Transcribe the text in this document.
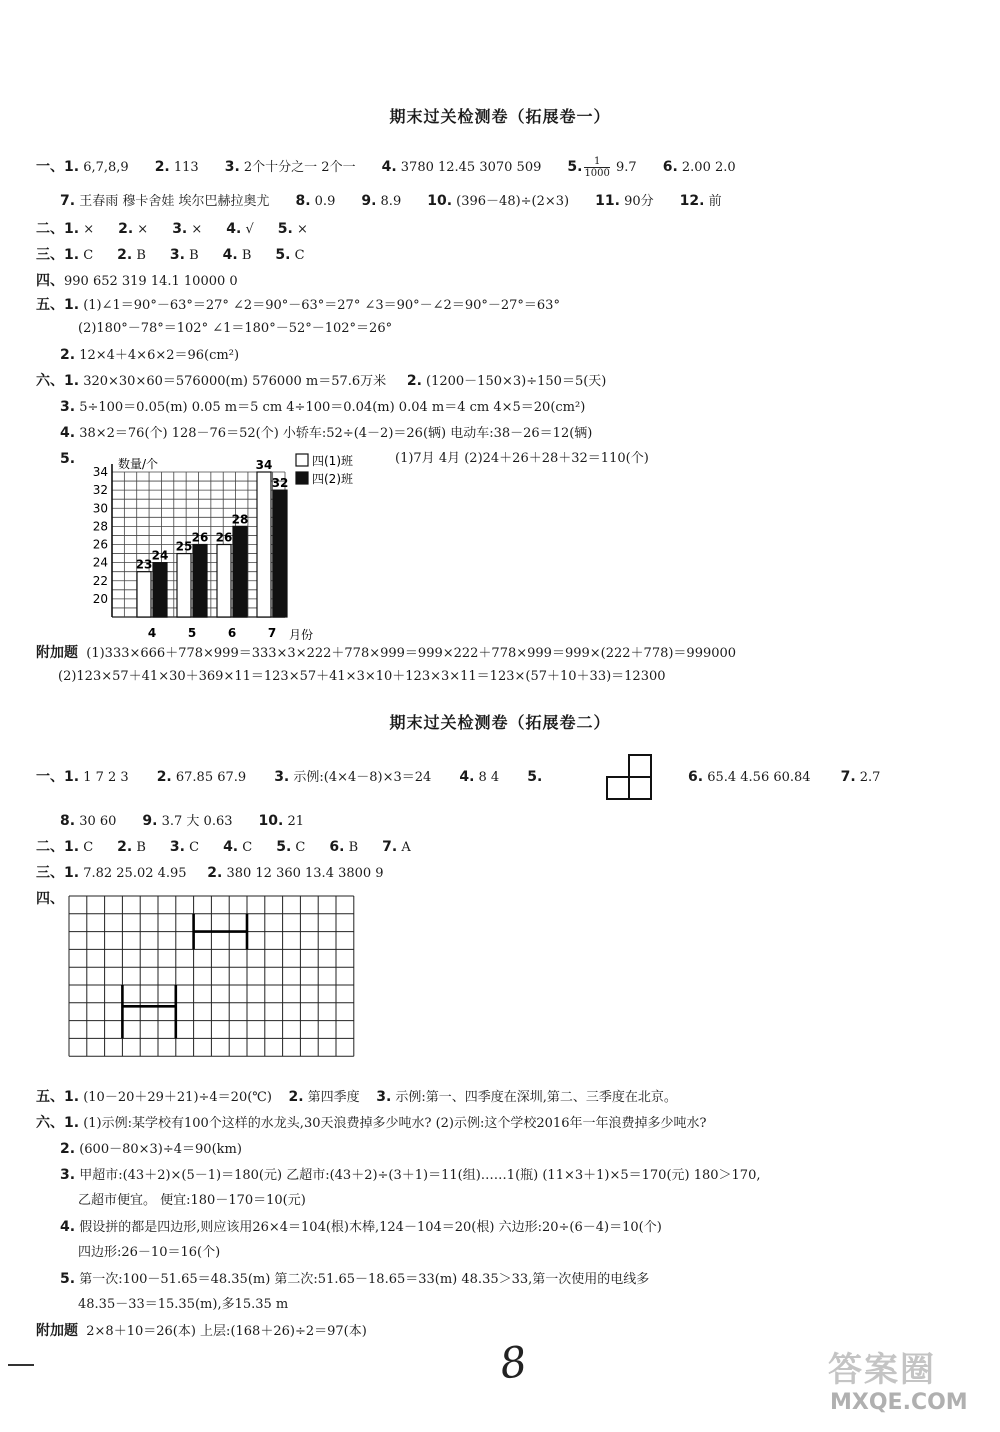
期末过关检测卷（拓展卷一）
一、1. 6,7,8,9 2. 113 3. 2个十分之一 2个一 4. 3780 12.45 3070 509 5. $\frac{1}{1000} 9.7$ 6. 2.00 2.0
7. 王春雨 穆卡舍娃 埃尔巴赫拉奥尤 8. 0.9 9. 8.9 10. (396－48)÷(2×3) 11. 90分 12. 前
二、1. × 2. × 3. × 4. √ 5. ×
三、1. C 2. B 3. B 4. B 5. C
四、990 652 319 14.1 10000 0
五、1. (1)∠1＝90°－63°＝27° ∠2＝90°－63°＝27° ∠3＝90°－∠2＝90°－27°＝63°
(2)180°－78°＝102° ∠1＝180°－52°－102°＝26°
2. 12×4＋4×6×2＝96(cm²)
六、1. 320×30×60＝576000(m) 576000 m＝57.6万米 2. (1200－150×3)÷150＝5(天)
3. 5÷100＝0.05(m) 0.05 m＝5 cm 4÷100＝0.04(m) 0.04 m＝4 cm 4×5＝20(cm²)
4. 38×2＝76(个) 128－76＝52(个) 小轿车:52÷(4－2)＝26(辆) 电动车:38－26＝12(辆)
5.	(1)7月 4月 (2)24＋26＋28＋32＝110(个)
20
22
24
26
28
30
32
34
数量/个
月份
4
23
24
5
25
26
6
26
28
7
34
32
四(1)班
四(2)班
附加题 (1)333×666＋778×999＝333×3×222＋778×999＝999×222＋778×999＝999×(222＋778)＝999000
(2)123×57＋41×30＋369×11＝123×57＋41×3×10＋123×3×11＝123×(57＋10＋33)＝12300
期末过关检测卷（拓展卷二）
一、1. 1 7 2 3 2. 67.85 67.9 3. 示例:(4×4－8)×3＝24 4. 8 4 5.	6. 65.4 4.56 60.84 7. 2.7
8. 30 60 9. 3.7 大 0.63 10. 21
二、1. C 2. B 3. C 4. C 5. C 6. B 7. A
三、1. 7.82 25.02 4.95 2. 380 12 360 13.4 3800 9
四、
五、1. (10－20＋29＋21)÷4＝20(℃) 2. 第四季度 3. 示例:第一、四季度在深圳,第二、三季度在北京。
六、1. (1)示例:某学校有100个这样的水龙头,30天浪费掉多少吨水? (2)示例:这个学校2016年一年浪费掉多少吨水?
2. (600－80×3)÷4＝90(km)
3. 甲超市:(43＋2)×(5－1)＝180(元) 乙超市:(43＋2)÷(3＋1)＝11(组)……1(瓶) (11×3＋1)×5＝170(元) 180＞170,
乙超市便宜。 便宜:180－170＝10(元)
4. 假设拼的都是四边形,则应该用26×4＝104(根)木棒,124－104＝20(根) 六边形:20÷(6－4)＝10(个)
四边形:26－10＝16(个)
5. 第一次:100－51.65＝48.35(m) 第二次:51.65－18.65＝33(m) 48.35＞33,第一次使用的电线多
48.35－33＝15.35(m),多15.35 m
附加题 2×8＋10＝26(本) 上层:(168＋26)÷2＝97(本)
8	答案圈
MXQE.COM
